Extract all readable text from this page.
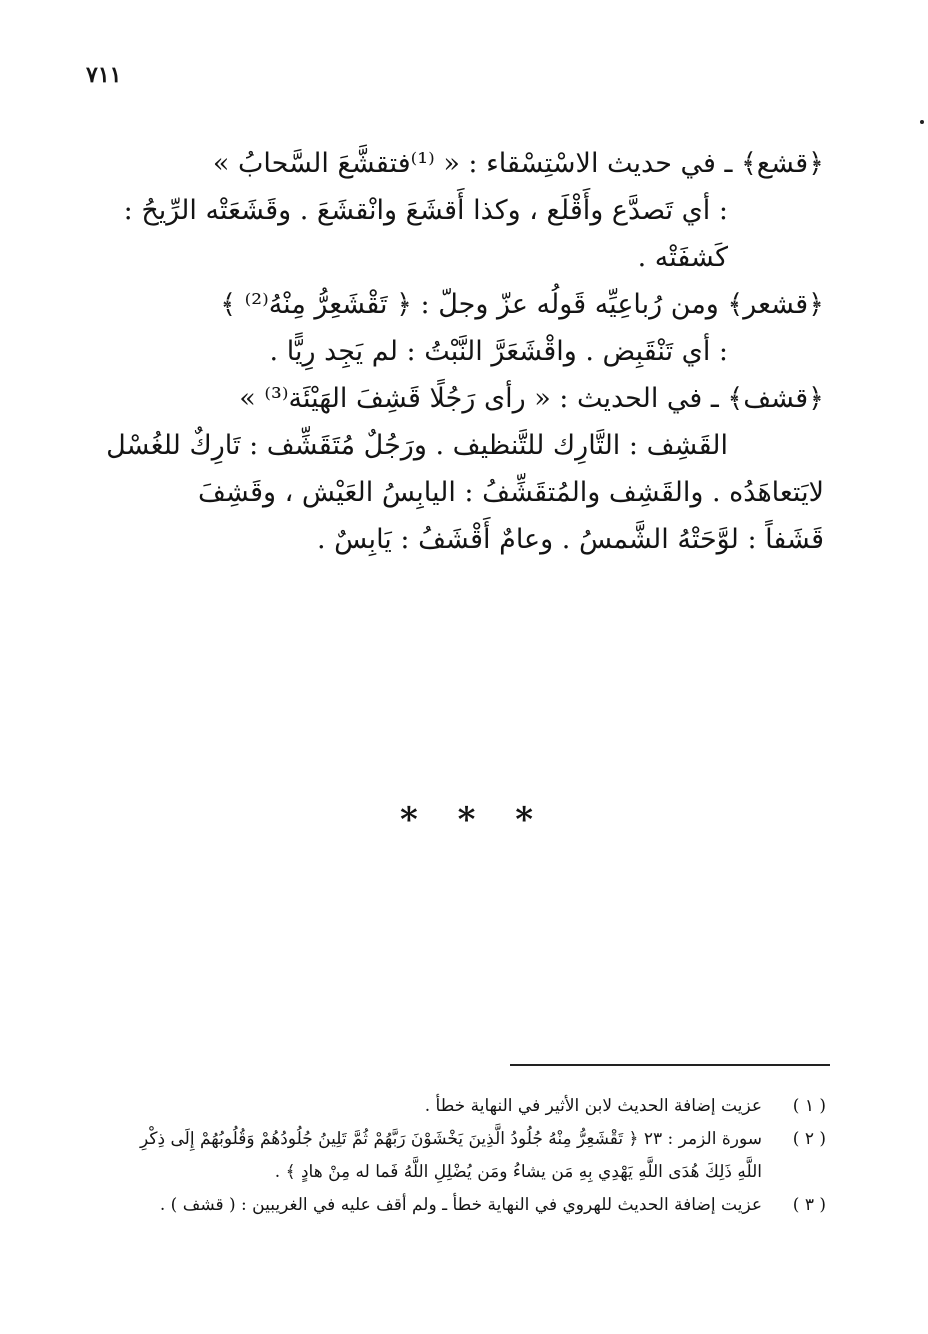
٧١١
﴿قشع﴾ ـ في حديث الاسْتِسْقاء : « ⁽¹⁾فتقشَّعَ السَّحابُ »
: أي تَصدَّع وأَقْلَع ، وكذا أَقشَعَ وانْقشَعَ . وقَشَعَتْه الرِّيحُ :
كَشفَتْه .
﴿قشعر﴾ ومن رُباعِيِّه قَولُه عزّ وجلّ : ﴿ تَقْشَعِرُّ مِنْهُ⁽²⁾ ﴾
: أي تَنْقَبِض . واقْشَعَرَّ النَّبْتُ : لم يَجِد رِيًّا .
﴿قشف﴾ ـ في الحديث : « رأى رَجُلًا قَشِفَ الهَيْئَة⁽³⁾ »
القَشِف : التَّارِك للتَّنظيف . ورَجُلٌ مُتَقَشِّف : تَارِكٌ للغُسْل
لايَتعاهَدُه . والقَشِف والمُتقَشِّفُ : اليابِسُ العَيْش ، وقَشِفَ
قَشَفاً : لوَّحَتْهُ الشَّمسُ . وعامٌ أَقْشَفُ : يَابِسٌ .
* * *
( ١ )عزيت إضافة الحديث لابن الأثير في النهاية خطأ .
( ٢ )سورة الزمر : ٢٣ ﴿ تَقْشَعِرُّ مِنْهُ جُلُودُ الَّذِينَ يَخْشَوْنَ رَبَّهُمْ ثُمَّ تَلِينُ جُلُودُهُمْ وَقُلُوبُهُمْ إِلَى ذِكْرِ
اللَّهِ ذَلِكَ هُدَى اللَّهِ يَهْدِي بِهِ مَن يشاءُ ومَن يُضْلِلِ اللَّهُ فَما له مِنْ هادٍ ﴾ .
( ٣ )عزيت إضافة الحديث للهروي في النهاية خطأ ـ ولم أقف عليه في الغريبين : ( قشف ) .
